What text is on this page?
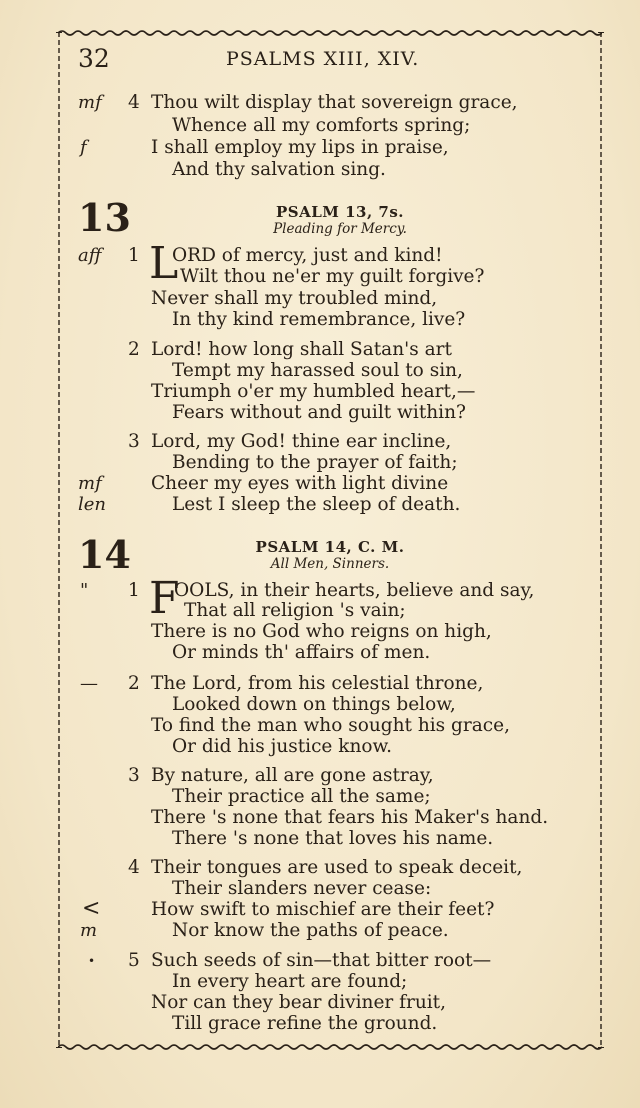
32	PSALMS XIII, XIV.
mf 4 Thou wilt display that sovereign grace,
Whence all my comforts spring;
f	I shall employ my lips in praise,
And thy salvation sing.
13	PSALM 13, 7s.
Pleading for Mercy.
aff 1 L
ORD of mercy, just and kind!
Wilt thou ne'er my guilt forgive?
Never shall my troubled mind,
In thy kind remembrance, live?
2 Lord! how long shall Satan's art
Tempt my harassed soul to sin,
Triumph o'er my humbled heart,—
Fears without and guilt within?
3 Lord, my God! thine ear incline,
Bending to the prayer of faith;
mf	Cheer my eyes with light divine
len	Lest I sleep the sleep of death.
14	PSALM 14, C. M.
All Men, Sinners.
" 1 F
OOLS, in their hearts, believe and say,
That all religion 's vain;
There is no God who reigns on high,
Or minds th' affairs of men.
— 2 The Lord, from his celestial throne,
Looked down on things below,
To find the man who sought his grace,
Or did his justice know.
3 By nature, all are gone astray,
Their practice all the same;
There 's none that fears his Maker's hand.
There 's none that loves his name.
4 Their tongues are used to speak deceit,
Their slanders never cease:
<	How swift to mischief are their feet?
m	Nor know the paths of peace.
• 5 Such seeds of sin—that bitter root—
In every heart are found;
Nor can they bear diviner fruit,
Till grace refine the ground.
